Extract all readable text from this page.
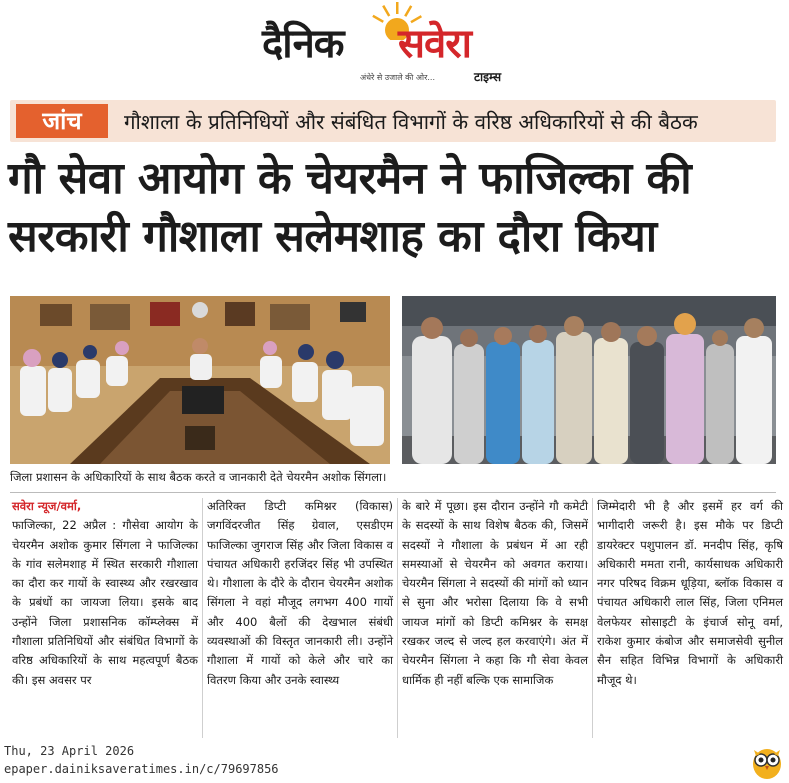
दैनिक सवेरा
अंधेरे से उजाले की ओर...	टाइम्स
जांच	गौशाला के प्रतिनिधियों और संबंधित विभागों के वरिष्ठ अधिकारियों से की बैठक
गौ सेवा आयोग के चेयरमैन ने फाजिल्का की
सरकारी गौशाला सलेमशाह का दौरा किया
जिला प्रशासन के अधिकारियों के साथ बैठक करते व जानकारी देते चेयरमैन अशोक सिंगला।
सवेरा न्यूज/वर्मा,
फाजिल्का, 22 अप्रैल : गौसेवा आयोग के चेयरमैन अशोक कुमार सिंगला ने फाजिल्का के गांव सलेमशाह में स्थित सरकारी गौशाला का दौरा कर गायों के स्वास्थ्य और रखरखाव के प्रबंधों का जायजा लिया। इसके बाद उन्होंने जिला प्रशासनिक कॉम्प्लेक्स में गौशाला प्रतिनिधियों और संबंधित विभागों के वरिष्ठ अधिकारियों के साथ महत्वपूर्ण बैठक की। इस अवसर पर
अतिरिक्त डिप्टी कमिश्नर (विकास) जगविंदरजीत सिंह ग्रेवाल, एसडीएम फाजिल्का जुगराज सिंह और जिला विकास व पंचायत अधिकारी हरजिंदर सिंह भी उपस्थित थे। गौशाला के दौरे के दौरान चेयरमैन अशोक सिंगला ने वहां मौजूद लगभग 400 गायों और 400 बैलों की देखभाल संबंधी व्यवस्थाओं की विस्तृत जानकारी ली। उन्होंने गौशाला में गायों को केले और चारे का वितरण किया और उनके स्वास्थ्य
के बारे में पूछा। इस दौरान उन्होंने गौ कमेटी के सदस्यों के साथ विशेष बैठक की, जिसमें सदस्यों ने गौशाला के प्रबंधन में आ रही समस्याओं से चेयरमैन को अवगत कराया। चेयरमैन सिंगला ने सदस्यों की मांगों को ध्यान से सुना और भरोसा दिलाया कि वे सभी जायज मांगों को डिप्टी कमिश्नर के समक्ष रखकर जल्द से जल्द हल करवाएंगे। अंत में चेयरमैन सिंगला ने कहा कि गौ सेवा केवल धार्मिक ही नहीं बल्कि एक सामाजिक
जिम्मेदारी भी है और इसमें हर वर्ग की भागीदारी जरूरी है। इस मौके पर डिप्टी डायरेक्टर पशुपालन डॉ. मनदीप सिंह, कृषि अधिकारी ममता रानी, कार्यसाधक अधिकारी नगर परिषद विक्रम धूड़िया, ब्लॉक विकास व पंचायत अधिकारी लाल सिंह, जिला एनिमल वेलफेयर सोसाइटी के इंचार्ज सोनू वर्मा, राकेश कुमार कंबोज और समाजसेवी सुनील सैन सहित विभिन्न विभागों के अधिकारी मौजूद थे।
Thu, 23 April 2026
epaper.dainiksaveratimes.in/c/79697856
